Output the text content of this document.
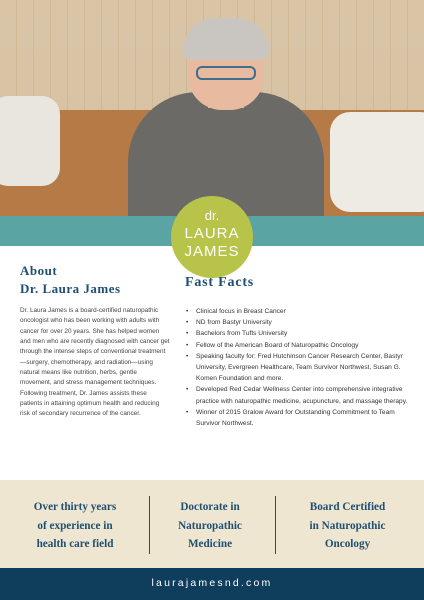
dr.
LAURA
JAMES
About
Dr. Laura James
Dr. Laura James is a board-certified naturopathic oncologist who has been working with adults with cancer for over 20 years. She has helped women and men who are recently diagnosed with cancer get through the intense steps of conventional treatment—surgery, chemotherapy, and radiation—using natural means like nutrition, herbs, gentle movement, and stress management techniques. Following treatment, Dr. James assists these patients in attaining optimum health and reducing risk of secondary recurrence of the cancer.
Fast Facts
• Clinical focus in Breast Cancer
• ND from Bastyr University
• Bachelors from Tufts University
• Fellow of the American Board of Naturopathic Oncology
• Speaking faculty for: Fred Hutchinson Cancer Research Center, Bastyr University, Evergreen Healthcare, Team Survivor Northwest, Susan G. Komen Foundation and more.
• Developed Red Cedar Wellness Center into comprehensive integrative practice with naturopathic medicine, acupuncture, and massage therapy.
• Winner of 2015 Gralow Award for Outstanding Commitment to Team Survivor Northwest.
Over thirty years
of experience in
health care field
Doctorate in
Naturopathic
Medicine
Board Certified
in Naturopathic
Oncology
laurajamesnd.com
